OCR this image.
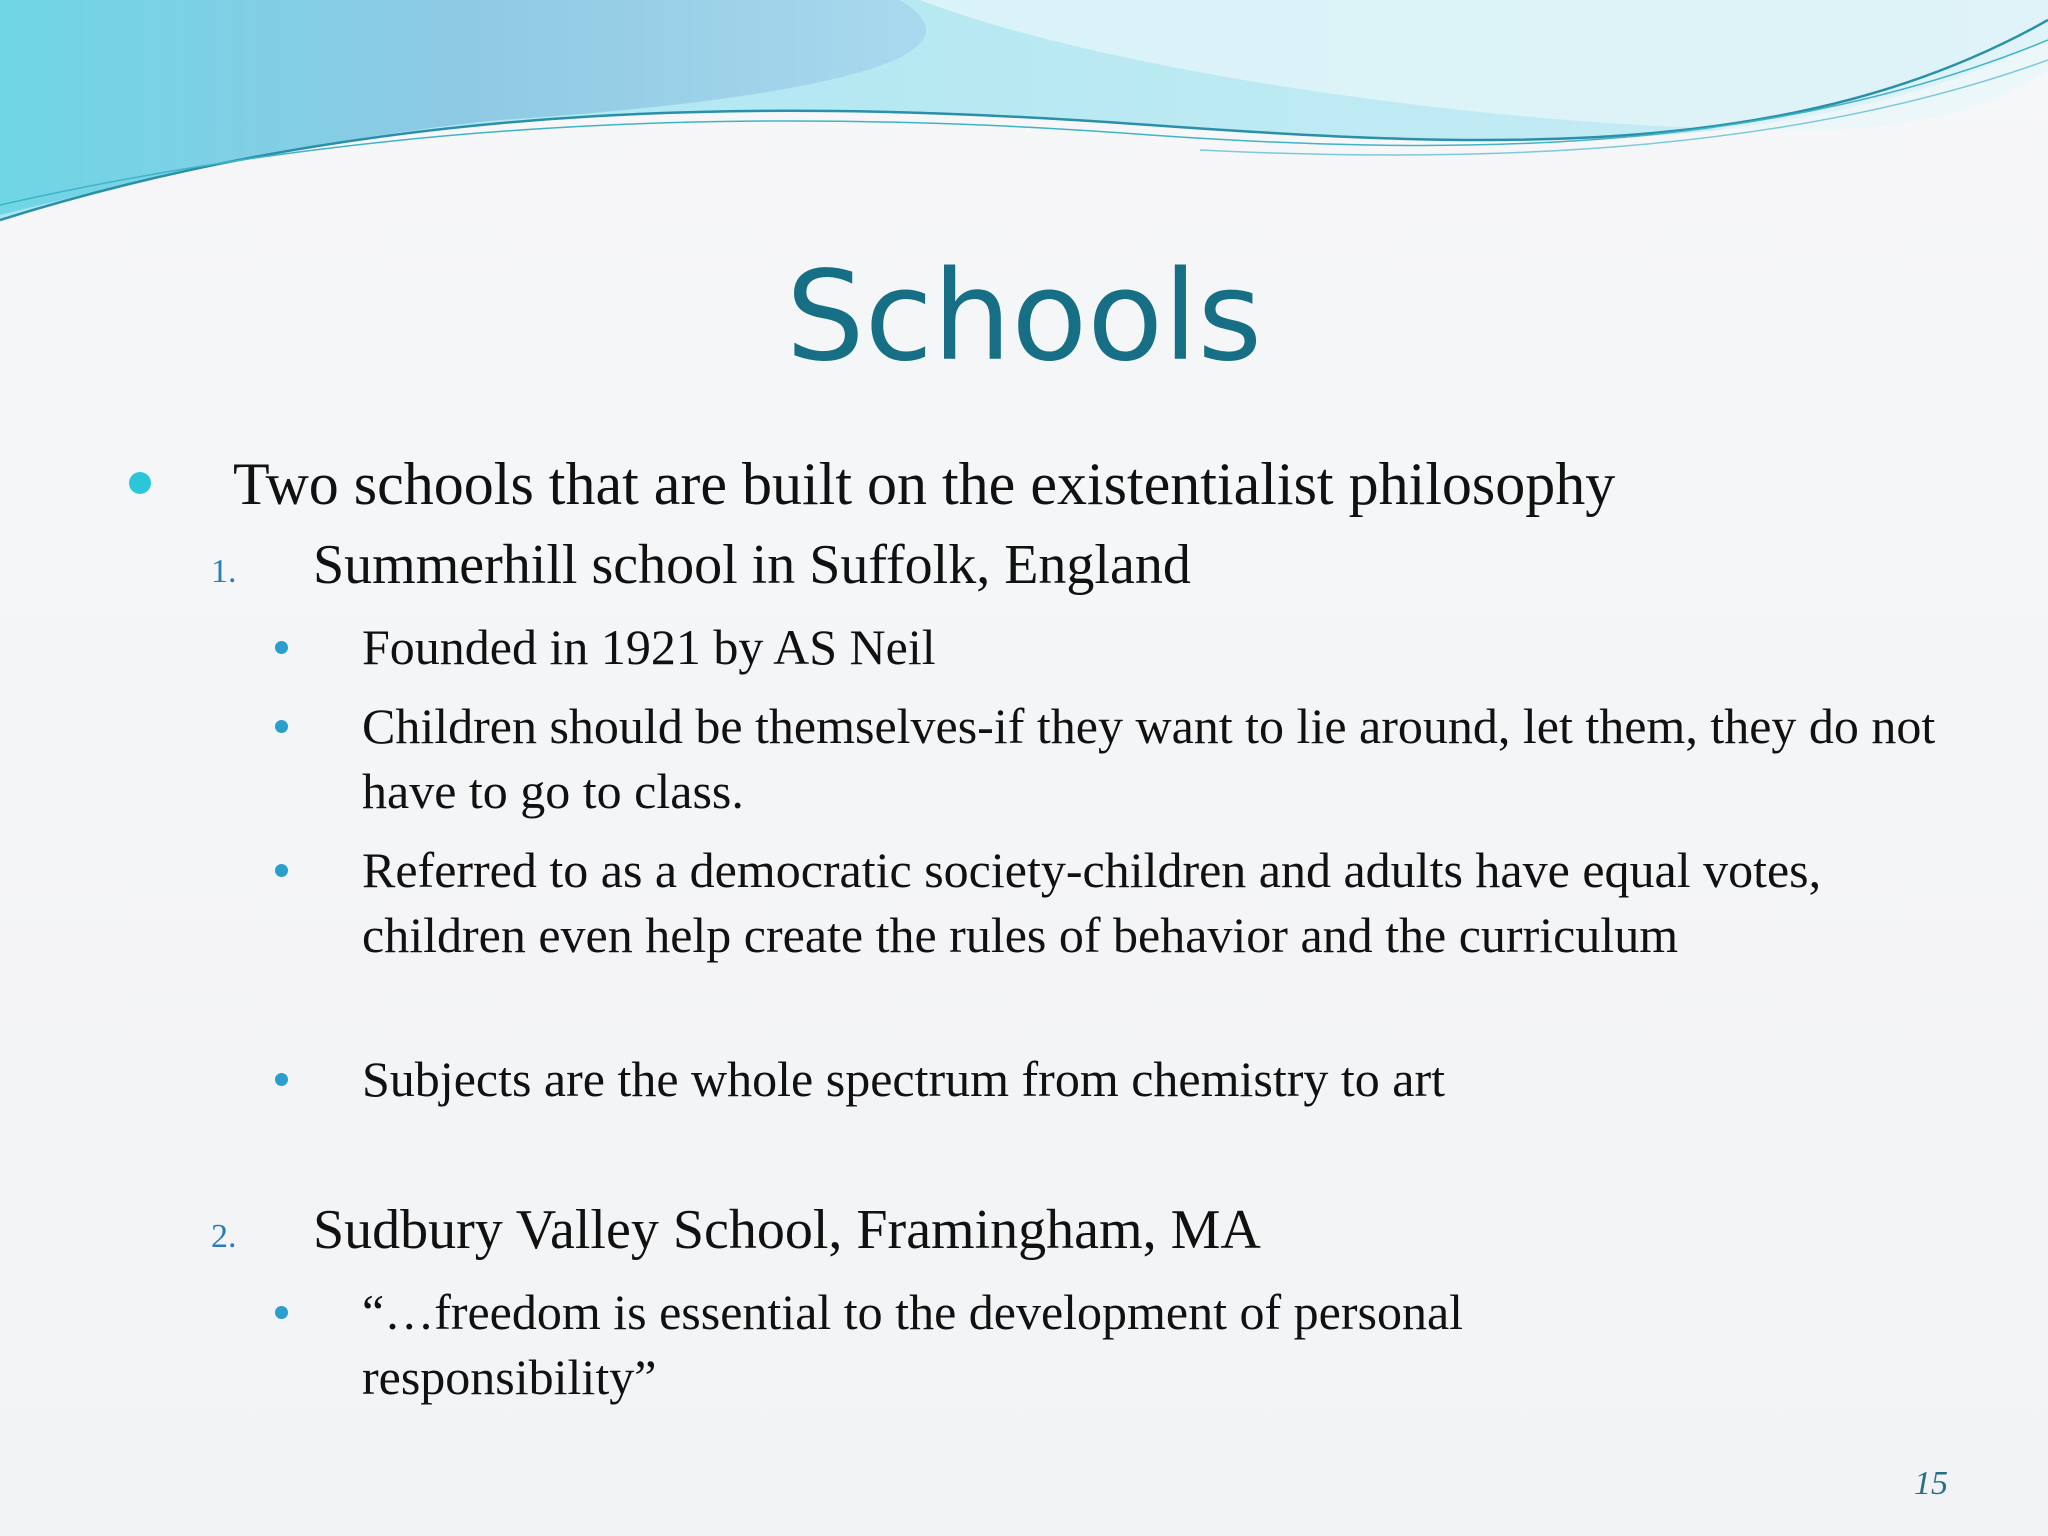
Schools
Two schools that are built on the existentialist philosophy
1. Summerhill school in Suffolk, England
Founded in 1921 by AS Neil
Children should be themselves-if they want to lie around, let them, they do not have to go to class.
Referred to as a democratic society-children and adults have equal votes, children even help create the rules of behavior and the curriculum
Subjects are the whole spectrum from chemistry to art
2. Sudbury Valley School, Framingham, MA
“…freedom is essential to the development of personal responsibility”
15
